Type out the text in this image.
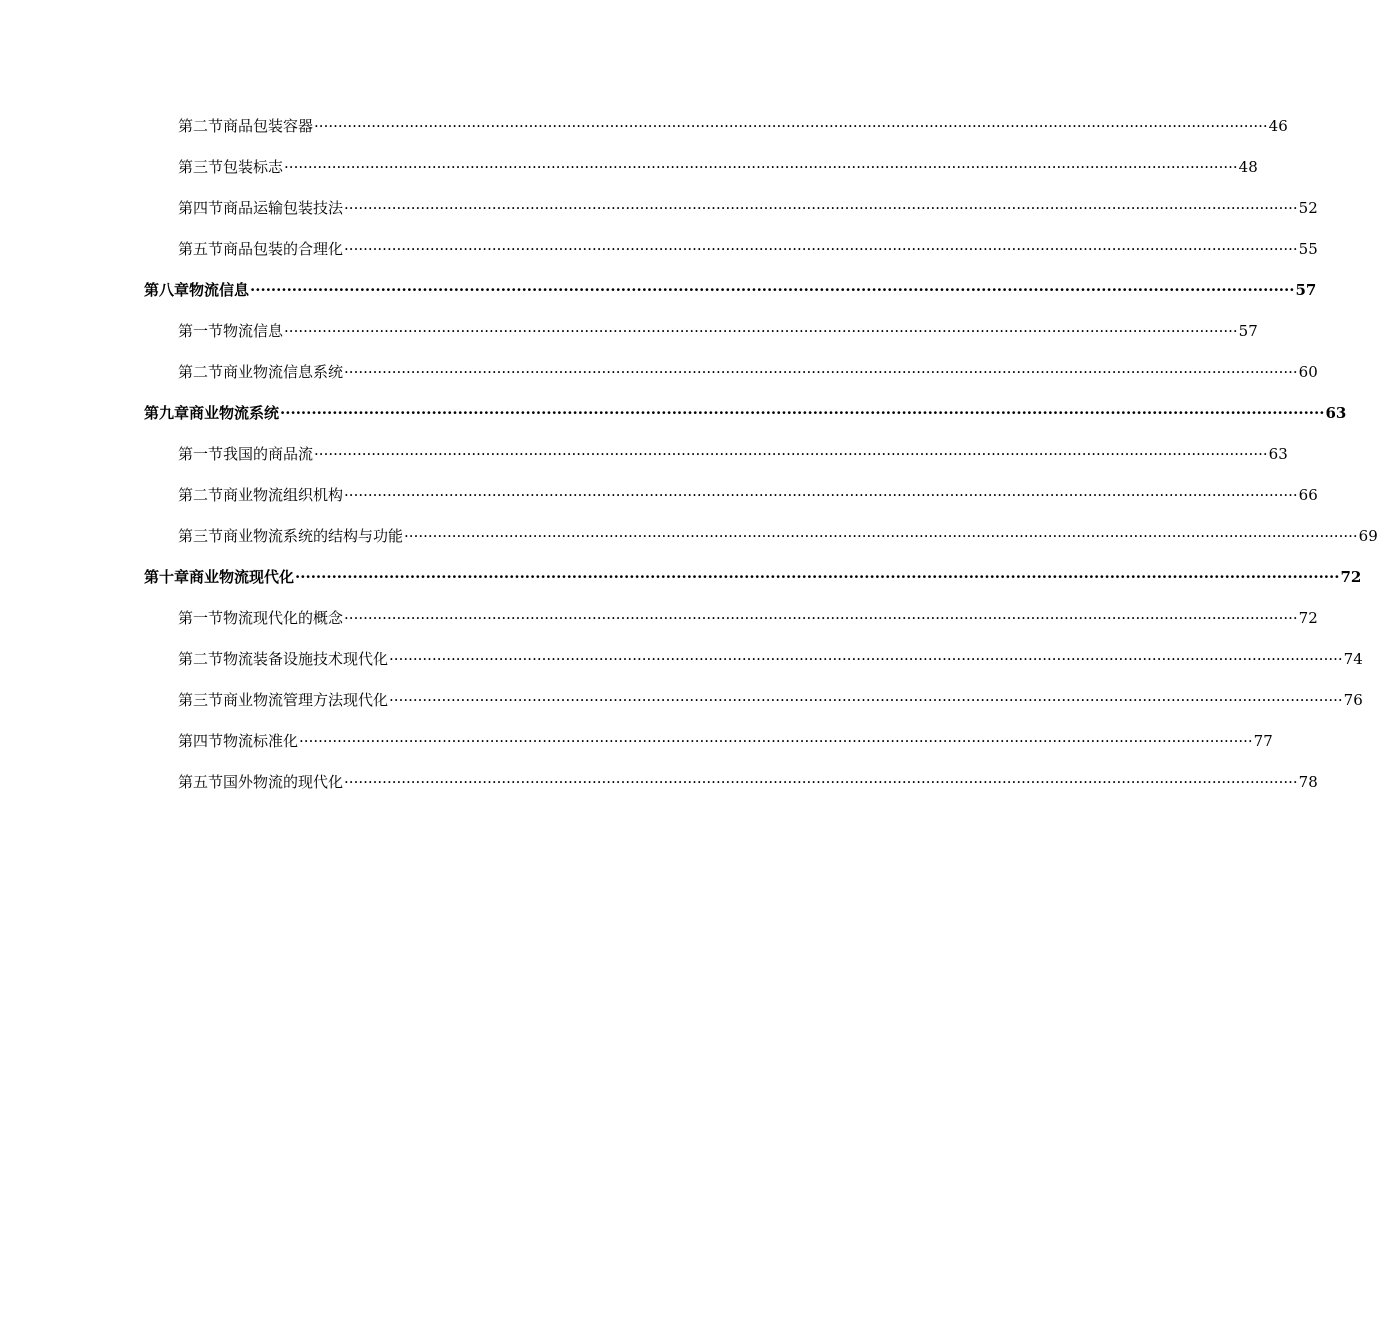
第二节 商品包装容器 ········································································································································································································ 46
第三节 包装标志 ········································································································································································································ 48
第四节 商品运输包装技法 ········································································································································································································ 52
第五节 商品包装的合理化 ········································································································································································································ 55
第八章 物流信息 ········································································································································································································ 57
第一节 物流信息 ········································································································································································································ 57
第二节 商业物流信息系统 ········································································································································································································ 60
第九章 商业物流系统 ········································································································································································································ 63
第一节 我国的商品流 ········································································································································································································ 63
第二节 商业物流组织机构 ········································································································································································································ 66
第三节 商业物流系统的结构与功能 ········································································································································································································ 69
第十章 商业物流现代化 ········································································································································································································ 72
第一节 物流现代化的概念 ········································································································································································································ 72
第二节 物流装备设施技术现代化 ········································································································································································································ 74
第三节 商业物流管理方法现代化 ········································································································································································································ 76
第四节 物流标准化 ········································································································································································································ 77
第五节 国外物流的现代化 ········································································································································································································ 78
